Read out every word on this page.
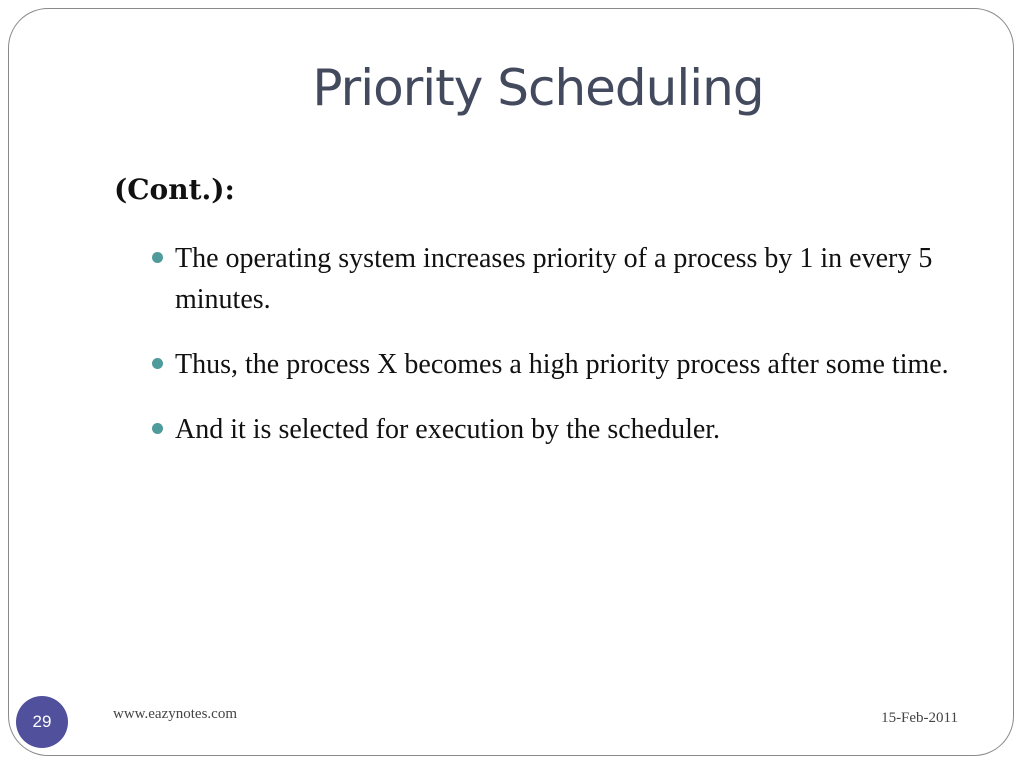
Priority Scheduling
(Cont.):
The operating system increases priority of a process by 1 in every 5 minutes.
Thus, the process X becomes a high priority process after some time.
And it is selected for execution by the scheduler.
29	www.eazynotes.com	15-Feb-2011
